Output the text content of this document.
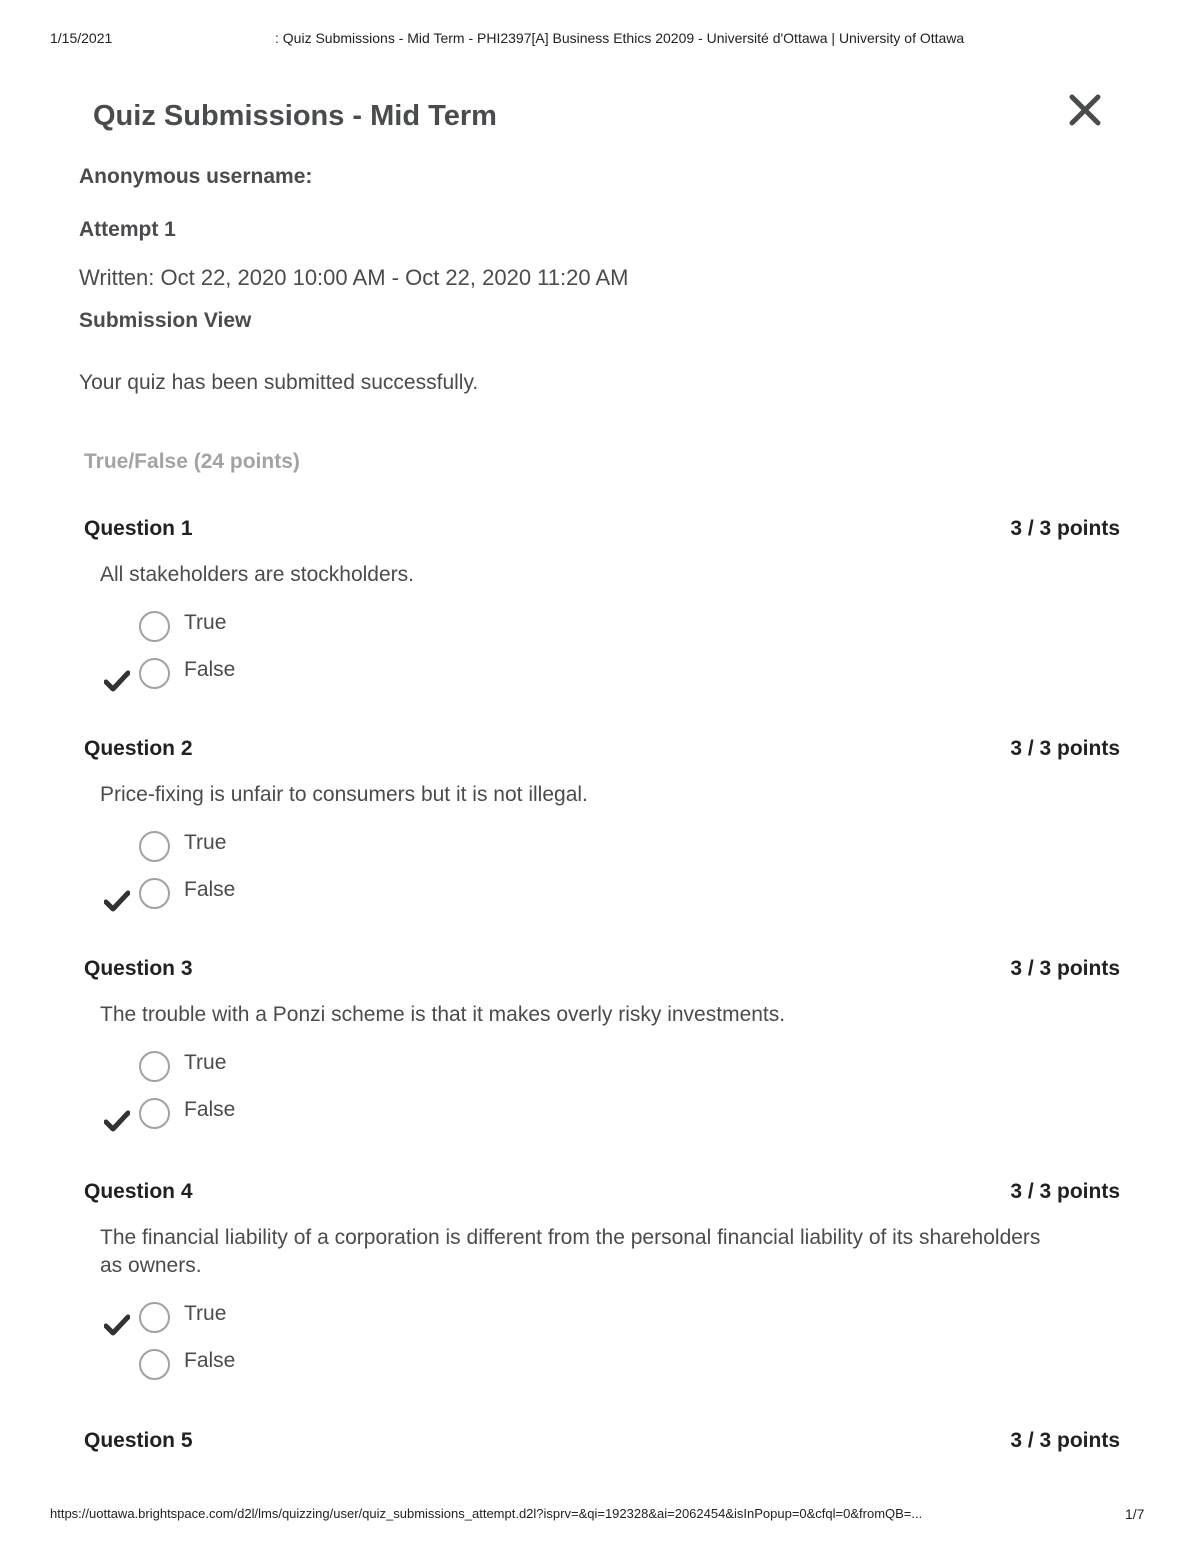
1/15/2021	: Quiz Submissions - Mid Term - PHI2397[A] Business Ethics 20209 - Université d'Ottawa | University of Ottawa
Quiz Submissions - Mid Term
Anonymous username:
Attempt 1
Written: Oct 22, 2020 10:00 AM - Oct 22, 2020 11:20 AM
Submission View
Your quiz has been submitted successfully.
True/False (24 points)
Question 1	3 / 3 points
All stakeholders are stockholders.
True
False
Question 2	3 / 3 points
Price-fixing is unfair to consumers but it is not illegal.
True
False
Question 3	3 / 3 points
The trouble with a Ponzi scheme is that it makes overly risky investments.
True
False
Question 4	3 / 3 points
The financial liability of a corporation is different from the personal financial liability of its shareholders as owners.
True
False
Question 5	3 / 3 points
https://uottawa.brightspace.com/d2l/lms/quizzing/user/quiz_submissions_attempt.d2l?isprv=&qi=192328&ai=2062454&isInPopup=0&cfql=0&fromQB=...	1/7
